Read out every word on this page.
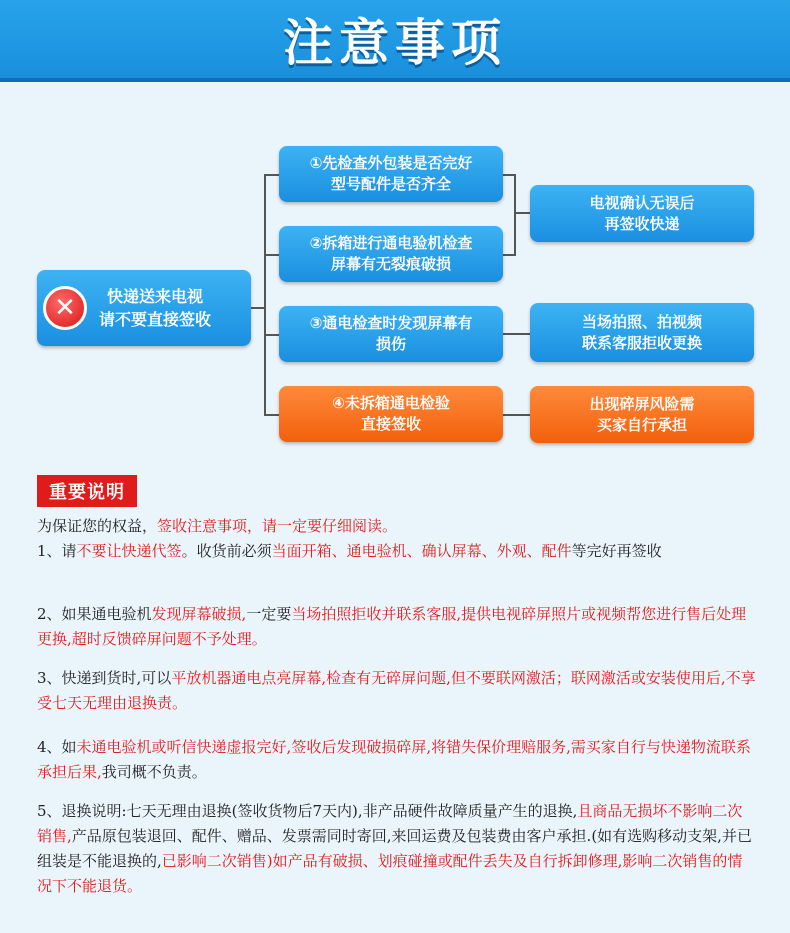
注意事项
✕	快递送来电视
请不要直接签收
①先检查外包装是否完好
型号配件是否齐全
②拆箱进行通电验机检查
屏幕有无裂痕破损
③通电检查时发现屏幕有
损伤
④未拆箱通电检验
直接签收
电视确认无误后
再签收快递
当场拍照、拍视频
联系客服拒收更换
出现碎屏风险需
买家自行承担
重要说明

为保证您的权益，签收注意事项，请一定要仔细阅读。

1、请不要让快递代签。收货前必须当面开箱、通电验机、确认屏幕、外观、配件等完好再签收

2、如果通电验机发现屏幕破损,一定要当场拍照拒收并联系客服,提供电视碎屏照片或视频帮您进行售后处理更换,超时反馈碎屏问题不予处理。

3、快递到货时,可以平放机器通电点亮屏幕,检查有无碎屏问题,但不要联网激活；联网激活或安装使用后,不享受七天无理由退换责。

4、如未通电验机或听信快递虚报完好,签收后发现破损碎屏,将错失保价理赔服务,需买家自行与快递物流联系承担后果,我司概不负责。

5、退换说明:七天无理由退换(签收货物后7天内),非产品硬件故障质量产生的退换,且商品无损坏不影响二次销售,产品原包装退回、配件、赠品、发票需同时寄回,来回运费及包装费由客户承担.(如有选购移动支架,并已组装是不能退换的,已影响二次销售)如产品有破损、划痕碰撞或配件丢失及自行拆卸修理,影响二次销售的情况下不能退货。
